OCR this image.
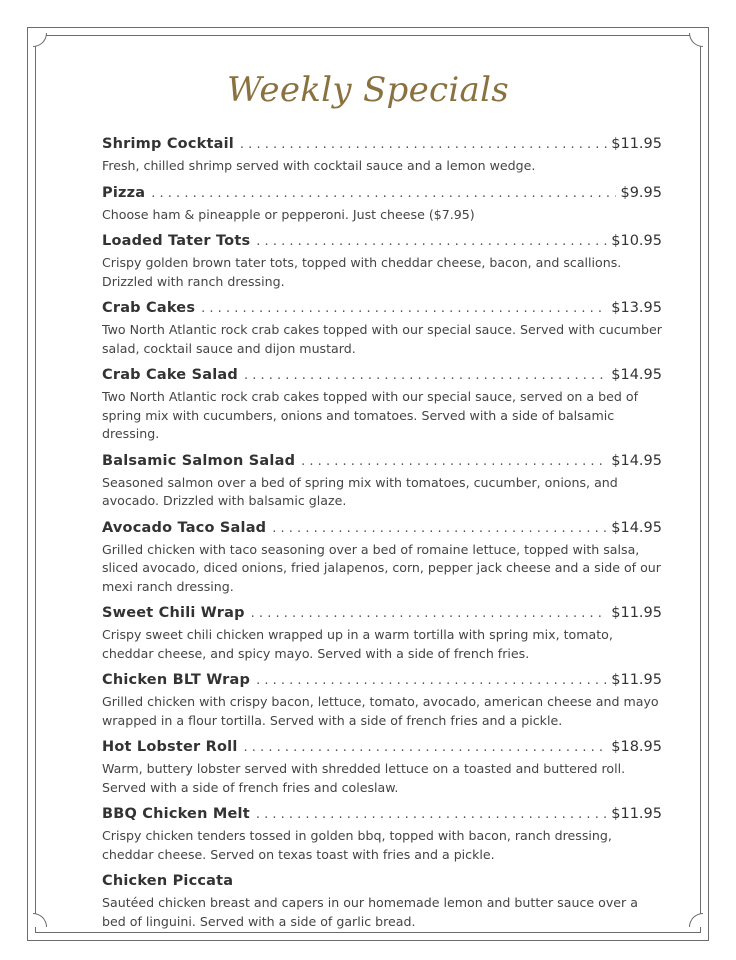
Weekly Specials
Shrimp Cocktail . . .	$11.95
Fresh, chilled shrimp served with cocktail sauce and a lemon wedge.
Pizza . . .	$9.95
Choose ham & pineapple or pepperoni. Just cheese ($7.95)
Loaded Tater Tots . . .	$10.95
Crispy golden brown tater tots, topped with cheddar cheese, bacon, and scallions. Drizzled with ranch dressing.
Crab Cakes . . .	$13.95
Two North Atlantic rock crab cakes topped with our special sauce. Served with cucumber salad, cocktail sauce and dijon mustard.
Crab Cake Salad . . .	$14.95
Two North Atlantic rock crab cakes topped with our special sauce, served on a bed of spring mix with cucumbers, onions and tomatoes. Served with a side of balsamic dressing.
Balsamic Salmon Salad . . .	$14.95
Seasoned salmon over a bed of spring mix with tomatoes, cucumber, onions, and avocado. Drizzled with balsamic glaze.
Avocado Taco Salad . . .	$14.95
Grilled chicken with taco seasoning over a bed of romaine lettuce, topped with salsa, sliced avocado, diced onions, fried jalapenos, corn, pepper jack cheese and a side of our mexi ranch dressing.
Sweet Chili Wrap . . .	$11.95
Crispy sweet chili chicken wrapped up in a warm tortilla with spring mix, tomato, cheddar cheese, and spicy mayo. Served with a side of french fries.
Chicken BLT Wrap . . .	$11.95
Grilled chicken with crispy bacon, lettuce, tomato, avocado, american cheese and mayo wrapped in a flour tortilla. Served with a side of french fries and a pickle.
Hot Lobster Roll . . .	$18.95
Warm, buttery lobster served with shredded lettuce on a toasted and buttered roll. Served with a side of french fries and coleslaw.
BBQ Chicken Melt . . .	$11.95
Crispy chicken tenders tossed in golden bbq, topped with bacon, ranch dressing, cheddar cheese. Served on texas toast with fries and a pickle.
Chicken Piccata
Sautéed chicken breast and capers in our homemade lemon and butter sauce over a bed of linguini. Served with a side of garlic bread.
